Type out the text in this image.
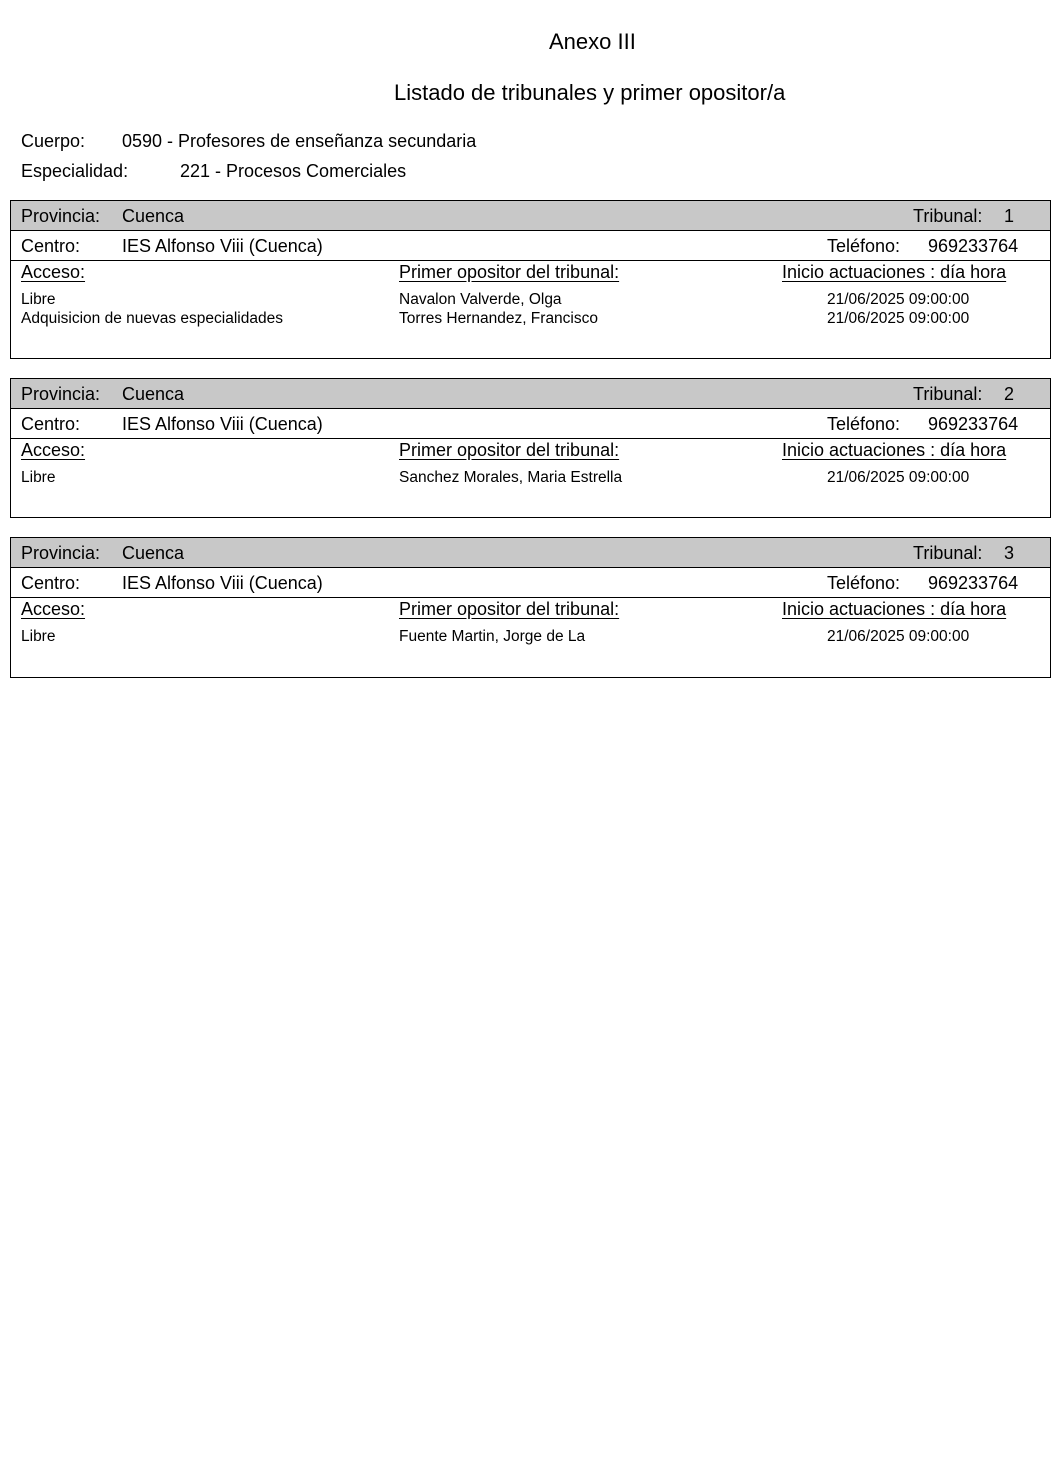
Anexo III
Listado de tribunales y primer opositor/a
Cuerpo: 0590 - Profesores de enseñanza secundaria
Especialidad:	221 - Procesos Comerciales
Provincia: Cuenca	Tribunal: 1
Centro: IES Alfonso Viii (Cuenca)	Teléfono: 969233764
Acceso:	Primer opositor del tribunal:	Inicio actuaciones : día hora
Libre	Navalon Valverde, Olga	21/06/2025 09:00:00
Adquisicion de nuevas especialidades	Torres Hernandez, Francisco	21/06/2025 09:00:00
Provincia: Cuenca	Tribunal: 2
Centro: IES Alfonso Viii (Cuenca)	Teléfono: 969233764
Acceso:	Primer opositor del tribunal:	Inicio actuaciones : día hora
Libre	Sanchez Morales, Maria Estrella	21/06/2025 09:00:00
Provincia: Cuenca	Tribunal: 3
Centro: IES Alfonso Viii (Cuenca)	Teléfono: 969233764
Acceso:	Primer opositor del tribunal:	Inicio actuaciones : día hora
Libre	Fuente Martin, Jorge de La	21/06/2025 09:00:00
